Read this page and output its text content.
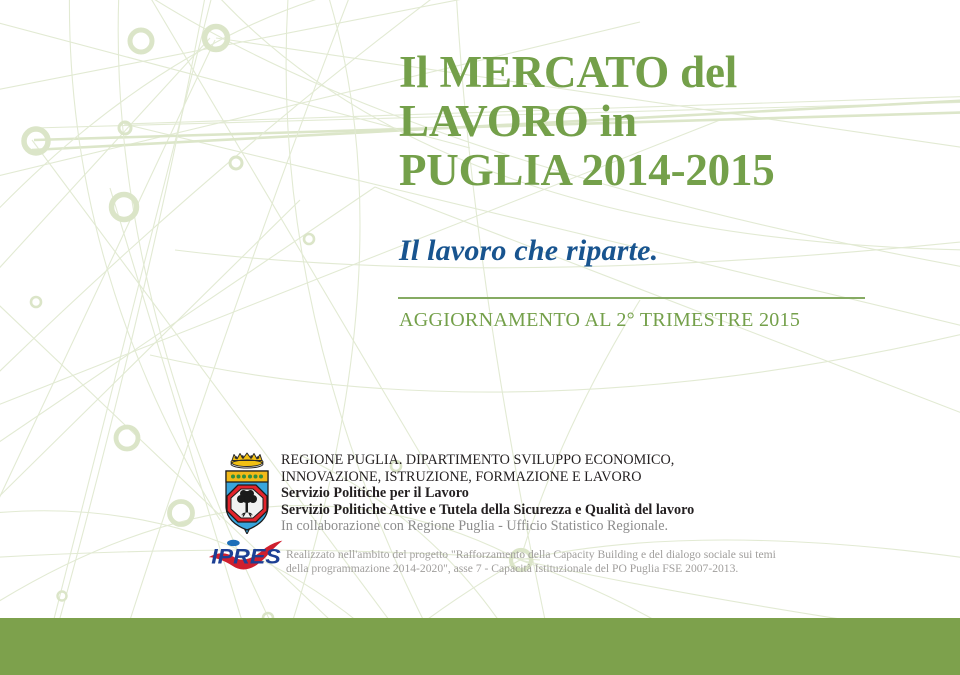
Il MERCATO del
LAVORO in
PUGLIA 2014-2015
Il lavoro che riparte.
AGGIORNAMENTO AL 2° TRIMESTRE 2015
REGIONE PUGLIA. DIPARTIMENTO SVILUPPO ECONOMICO,
INNOVAZIONE, ISTRUZIONE, FORMAZIONE E LAVORO
Servizio Politiche per il Lavoro
Servizio Politiche Attive e Tutela della Sicurezza e Qualità del lavoro
In collaborazione con Regione Puglia - Ufficio Statistico Regionale.
IPRES Realizzato nell'ambito del progetto "Rafforzamento della Capacity Building e del dialogo sociale sui temi
della programmazione 2014-2020", asse 7 - Capacità Istituzionale del PO Puglia FSE 2007-2013.
